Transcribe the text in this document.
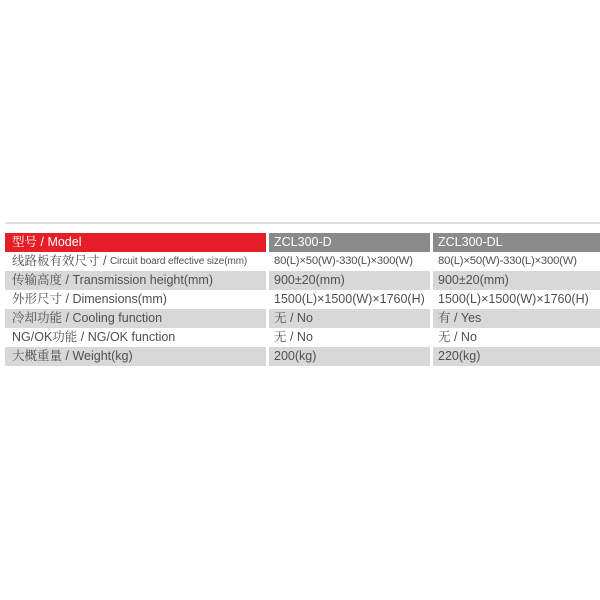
型号 / Model	ZCL300-D	ZCL300-DL
线路板有效尺寸 / Circuit board effective size(mm)	80(L)×50(W)-330(L)×300(W)	80(L)×50(W)-330(L)×300(W)
传输高度 / Transmission height(mm)	900±20(mm)	900±20(mm)
外形尺寸 / Dimensions(mm)	1500(L)×1500(W)×1760(H)	1500(L)×1500(W)×1760(H)
冷却功能 / Cooling function	无 / No	有 / Yes
NG/OK功能 / NG/OK function	无 / No	无 / No
大概重量 / Weight(kg)	200(kg)	220(kg)
